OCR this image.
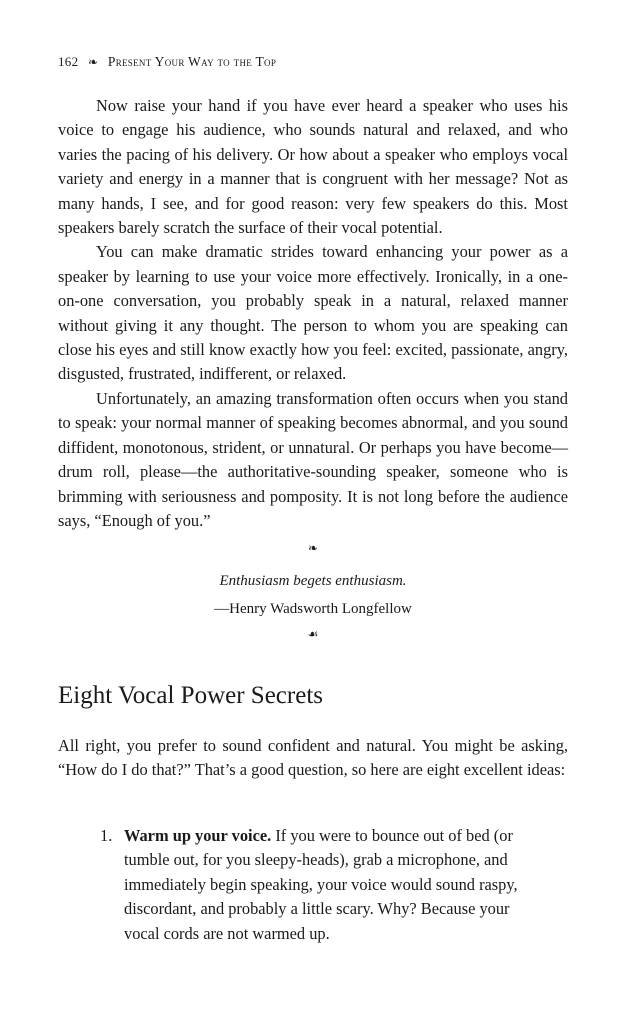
162 ❧ Present Your Way to the Top

Now raise your hand if you have ever heard a speaker who uses his voice to engage his audience, who sounds natural and relaxed, and who varies the pacing of his delivery. Or how about a speaker who employs vocal variety and energy in a manner that is congruent with her message? Not as many hands, I see, and for good reason: very few speakers do this. Most speakers barely scratch the surface of their vocal potential.

You can make dramatic strides toward enhancing your power as a speaker by learning to use your voice more effectively. Ironically, in a one-on-one conversation, you probably speak in a natural, relaxed manner without giving it any thought. The person to whom you are speaking can close his eyes and still know exactly how you feel: excited, passionate, angry, disgusted, frustrated, indifferent, or relaxed.

Unfortunately, an amazing transformation often occurs when you stand to speak: your normal manner of speaking becomes abnormal, and you sound diffident, monotonous, strident, or unnatural. Or perhaps you have become—drum roll, please—the authoritative-sounding speaker, someone who is brimming with seriousness and pomposity. It is not long before the audience says, “Enough of you.”

❧
Enthusiasm begets enthusiasm.
—Henry Wadsworth Longfellow
☙
Eight Vocal Power Secrets

All right, you prefer to sound confident and natural. You might be asking, “How do I do that?” That’s a good question, so here are eight excellent ideas:

1. Warm up your voice. If you were to bounce out of bed (or tumble out, for you sleepy-heads), grab a microphone, and immediately begin speaking, your voice would sound raspy, discordant, and probably a little scary. Why? Because your vocal cords are not warmed up.
